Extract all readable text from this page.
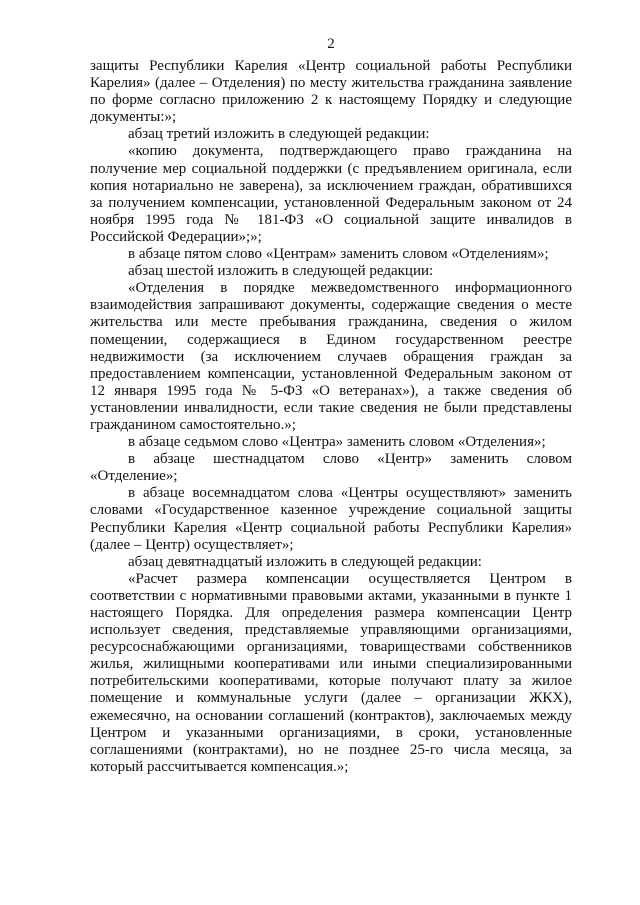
2

защиты Республики Карелия «Центр социальной работы Республики Карелия» (далее – Отделения) по месту жительства гражданина заявление по форме согласно приложению 2 к настоящему Порядку и следующие документы:»;

абзац третий изложить в следующей редакции:

«копию документа, подтверждающего право гражданина на получение мер социальной поддержки (с предъявлением оригинала, если копия нотариально не заверена), за исключением граждан, обратившихся за получением компенсации, установленной Федеральным законом от 24 ноября 1995 года № 181-ФЗ «О социальной защите инвалидов в Российской Федерации»;»;

в абзаце пятом слово «Центрам» заменить словом «Отделениям»;

абзац шестой изложить в следующей редакции:

«Отделения в порядке межведомственного информационного взаимодействия запрашивают документы, содержащие сведения о месте жительства или месте пребывания гражданина, сведения о жилом помещении, содержащиеся в Едином государственном реестре недвижимости (за исключением случаев обращения граждан за предоставлением компенсации, установленной Федеральным законом от 12 января 1995 года № 5-ФЗ «О ветеранах»), а также сведения об установлении инвалидности, если такие сведения не были представлены гражданином самостоятельно.»;

в абзаце седьмом слово «Центра» заменить словом «Отделения»;

в абзаце шестнадцатом слово «Центр» заменить словом «Отделение»;

в абзаце восемнадцатом слова «Центры осуществляют» заменить словами «Государственное казенное учреждение социальной защиты Республики Карелия «Центр социальной работы Республики Карелия» (далее – Центр) осуществляет»;

абзац девятнадцатый изложить в следующей редакции:

«Расчет размера компенсации осуществляется Центром в соответствии с нормативными правовыми актами, указанными в пункте 1 настоящего Порядка. Для определения размера компенсации Центр использует сведения, представляемые управляющими организациями, ресурсоснабжающими организациями, товариществами собственников жилья, жилищными кооперативами или иными специализированными потребительскими кооперативами, которые получают плату за жилое помещение и коммунальные услуги (далее – организации ЖКХ), ежемесячно, на основании соглашений (контрактов), заключаемых между Центром и указанными организациями, в сроки, установленные соглашениями (контрактами), но не позднее 25-го числа месяца, за который рассчитывается компенсация.»;
